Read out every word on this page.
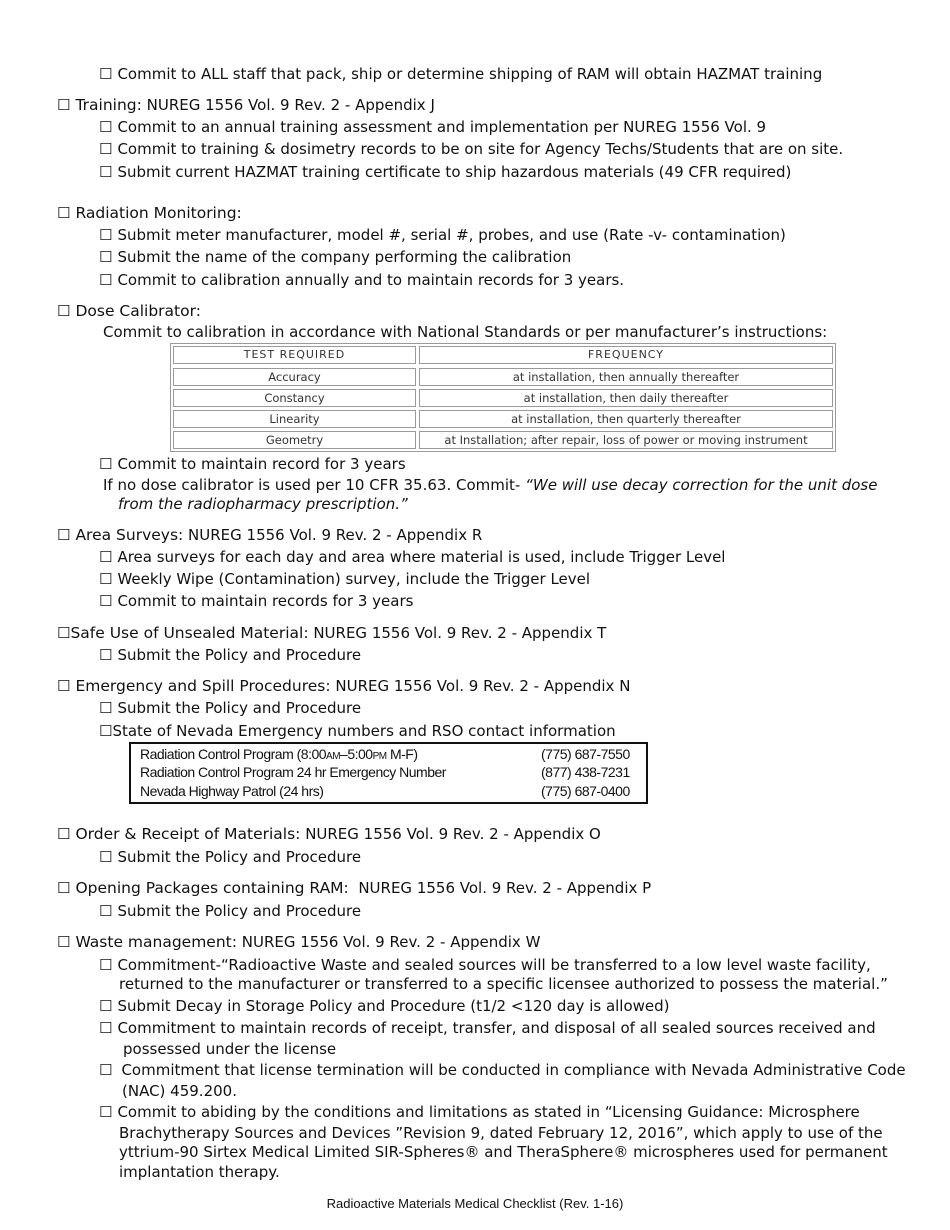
☐ Commit to ALL staff that pack, ship or determine shipping of RAM will obtain HAZMAT training
☐ Training: NUREG 1556 Vol. 9 Rev. 2 - Appendix J
☐ Commit to an annual training assessment and implementation per NUREG 1556 Vol. 9
☐ Commit to training & dosimetry records to be on site for Agency Techs/Students that are on site.
☐ Submit current HAZMAT training certificate to ship hazardous materials (49 CFR required)
☐ Radiation Monitoring:
☐ Submit meter manufacturer, model #, serial #, probes, and use (Rate -v- contamination)
☐ Submit the name of the company performing the calibration
☐ Commit to calibration annually and to maintain records for 3 years.
☐ Dose Calibrator:
Commit to calibration in accordance with National Standards or per manufacturer’s instructions:
TEST REQUIRED	FREQUENCY
Accuracy	at installation, then annually thereafter
Constancy	at installation, then daily thereafter
Linearity	at installation, then quarterly thereafter
Geometry	at Installation; after repair, loss of power or moving instrument
☐ Commit to maintain record for 3 years
If no dose calibrator is used per 10 CFR 35.63. Commit- “We will use decay correction for the unit dose
from the radiopharmacy prescription.”
☐ Area Surveys: NUREG 1556 Vol. 9 Rev. 2 - Appendix R
☐ Area surveys for each day and area where material is used, include Trigger Level
☐ Weekly Wipe (Contamination) survey, include the Trigger Level
☐ Commit to maintain records for 3 years
☐Safe Use of Unsealed Material: NUREG 1556 Vol. 9 Rev. 2 - Appendix T
☐ Submit the Policy and Procedure
☐ Emergency and Spill Procedures: NUREG 1556 Vol. 9 Rev. 2 - Appendix N
☐ Submit the Policy and Procedure
☐State of Nevada Emergency numbers and RSO contact information
Radiation Control Program (8:00AM–5:00PM M-F)	(775) 687-7550
Radiation Control Program 24 hr Emergency Number	(877) 438-7231
Nevada Highway Patrol (24 hrs)	(775) 687-0400
☐ Order & Receipt of Materials: NUREG 1556 Vol. 9 Rev. 2 - Appendix O
☐ Submit the Policy and Procedure
☐ Opening Packages containing RAM: NUREG 1556 Vol. 9 Rev. 2 - Appendix P
☐ Submit the Policy and Procedure
☐ Waste management: NUREG 1556 Vol. 9 Rev. 2 - Appendix W
☐ Commitment-“Radioactive Waste and sealed sources will be transferred to a low level waste facility,
returned to the manufacturer or transferred to a specific licensee authorized to possess the material.”
☐ Submit Decay in Storage Policy and Procedure (t1/2 <120 day is allowed)
☐ Commitment to maintain records of receipt, transfer, and disposal of all sealed sources received and
possessed under the license
☐ Commitment that license termination will be conducted in compliance with Nevada Administrative Code
(NAC) 459.200.
☐ Commit to abiding by the conditions and limitations as stated in “Licensing Guidance: Microsphere
Brachytherapy Sources and Devices ”Revision 9, dated February 12, 2016”, which apply to use of the
yttrium-90 Sirtex Medical Limited SIR-Spheres® and TheraSphere® microspheres used for permanent
implantation therapy.
Radioactive Materials Medical Checklist (Rev. 1-16)
